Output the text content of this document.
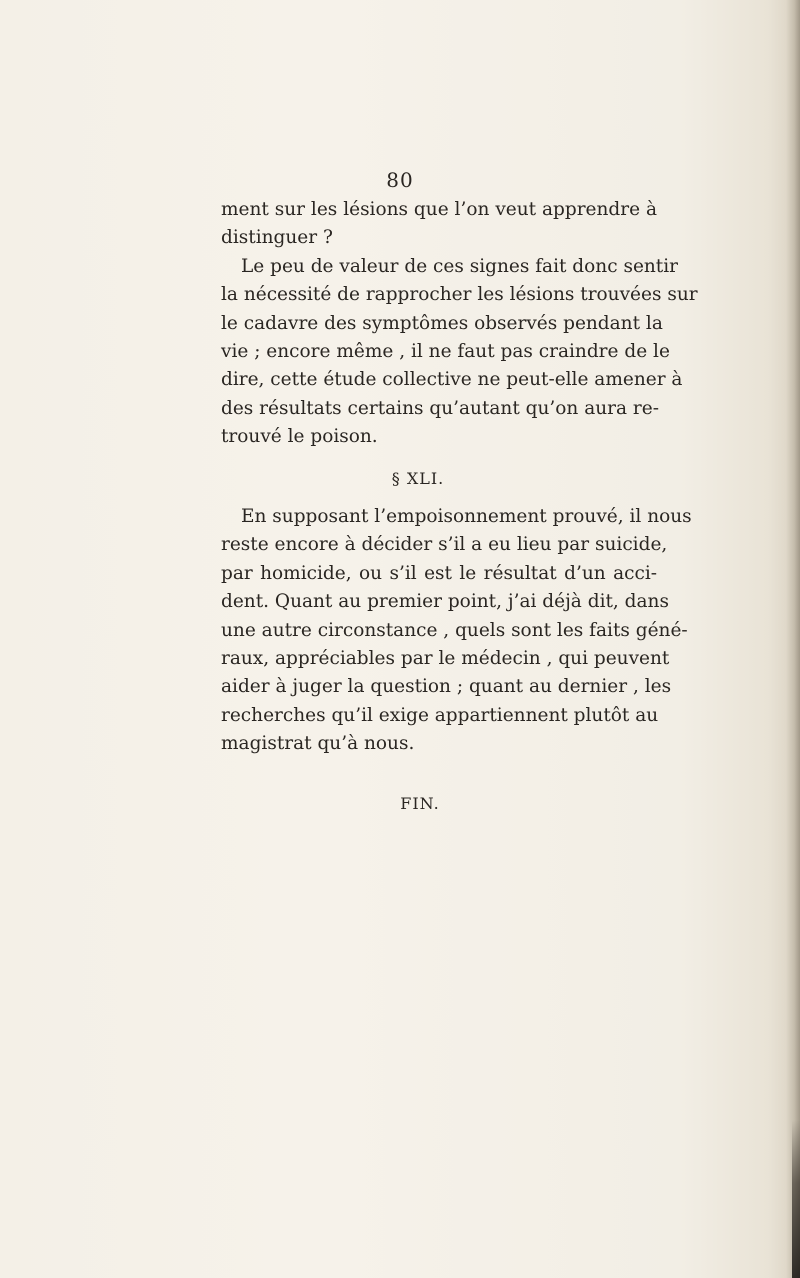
80
ment sur les lésions que l’on veut apprendre à
distinguer ?
Le peu de valeur de ces signes fait donc sentir
la nécessité de rapprocher les lésions trouvées sur
le cadavre des symptômes observés pendant la
vie ; encore même , il ne faut pas craindre de le
dire, cette étude collective ne peut-elle amener à
des résultats certains qu’autant qu’on aura re-
trouvé le poison.
§ XLI.
En supposant l’empoisonnement prouvé, il nous
reste encore à décider s’il a eu lieu par suicide,
par homicide, ou s’il est le résultat d’un acci-
dent. Quant au premier point, j’ai déjà dit, dans
une autre circonstance , quels sont les faits géné-
raux, appréciables par le médecin , qui peuvent
aider à juger la question ; quant au dernier , les
recherches qu’il exige appartiennent plutôt au
magistrat qu’à nous.
FIN.
